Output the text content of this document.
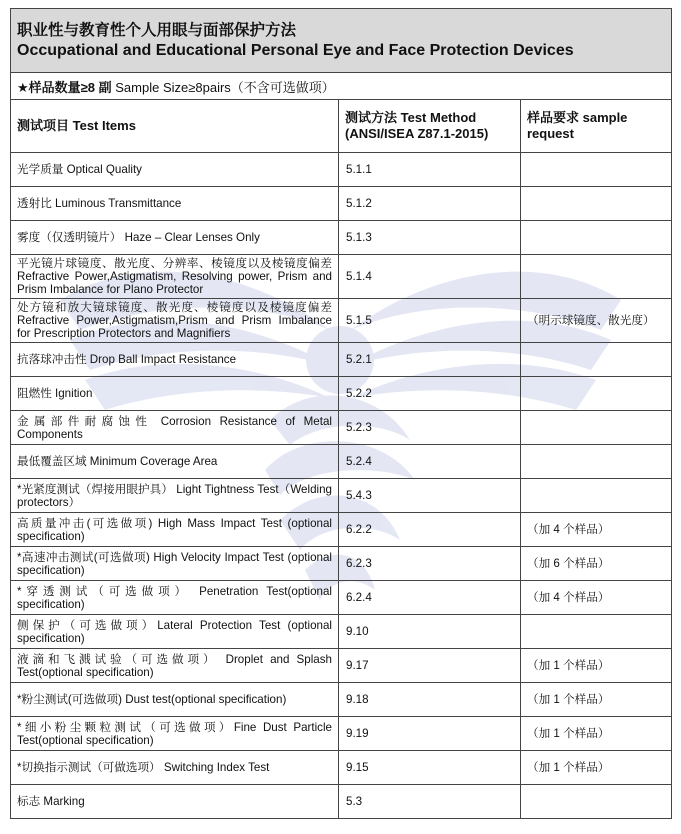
职业性与教育性个人用眼与面部保护方法
Occupational and Educational Personal Eye and Face Protection Devices		

★样品数量≥8 副 Sample Size≥8pairs（不含可选做项）		
测试项目 Test Items	测试方法 Test Method (ANSI/ISEA Z87.1-2015)	样品要求 sample request
光学质量 Optical Quality	5.1.1	
透射比 Luminous Transmittance	5.1.2	
雾度（仅透明镜片） Haze – Clear Lenses Only	5.1.3	
平光镜片球镜度、散光度、分辨率、棱镜度以及棱镜度偏差 Refractive Power,Astigmatism, Resolving power, Prism and Prism Imbalance for Plano Protector	5.1.4	
处方镜和放大镜球镜度、散光度、棱镜度以及棱镜度偏差 Refractive Power,Astigmatism,Prism and Prism Imbalance for Prescription Protectors and Magnifiers	5.1.5	（明示球镜度、散光度）
抗落球冲击性 Drop Ball Impact Resistance	5.2.1	
阻燃性 Ignition	5.2.2	
金属部件耐腐蚀性 Corrosion Resistance of Metal Components	5.2.3	
最低覆盖区域 Minimum Coverage Area	5.2.4	
*光紧度测试（焊接用眼护具） Light Tightness Test（Welding protectors）	5.4.3	
高质量冲击(可选做项) High Mass Impact Test (optional specification)	6.2.2	（加 4 个样品）
*高速冲击测试(可选做项) High Velocity Impact Test (optional specification)	6.2.3	（加 6 个样品）
*穿透测试（可选做项） Penetration Test(optional specification)	6.2.4	（加 4 个样品）
侧保护（可选做项）Lateral Protection Test (optional specification)	9.10	
液滴和飞溅试验（可选做项） Droplet and Splash Test(optional specification)	9.17	（加 1 个样品）
*粉尘测试(可选做项) Dust test(optional specification)	9.18	（加 1 个样品）
*细小粉尘颗粒测试（可选做项）Fine Dust Particle Test(optional specification)	9.19	（加 1 个样品）
*切换指示测试（可做选项） Switching Index Test	9.15	（加 1 个样品）
标志 Marking	5.3	
